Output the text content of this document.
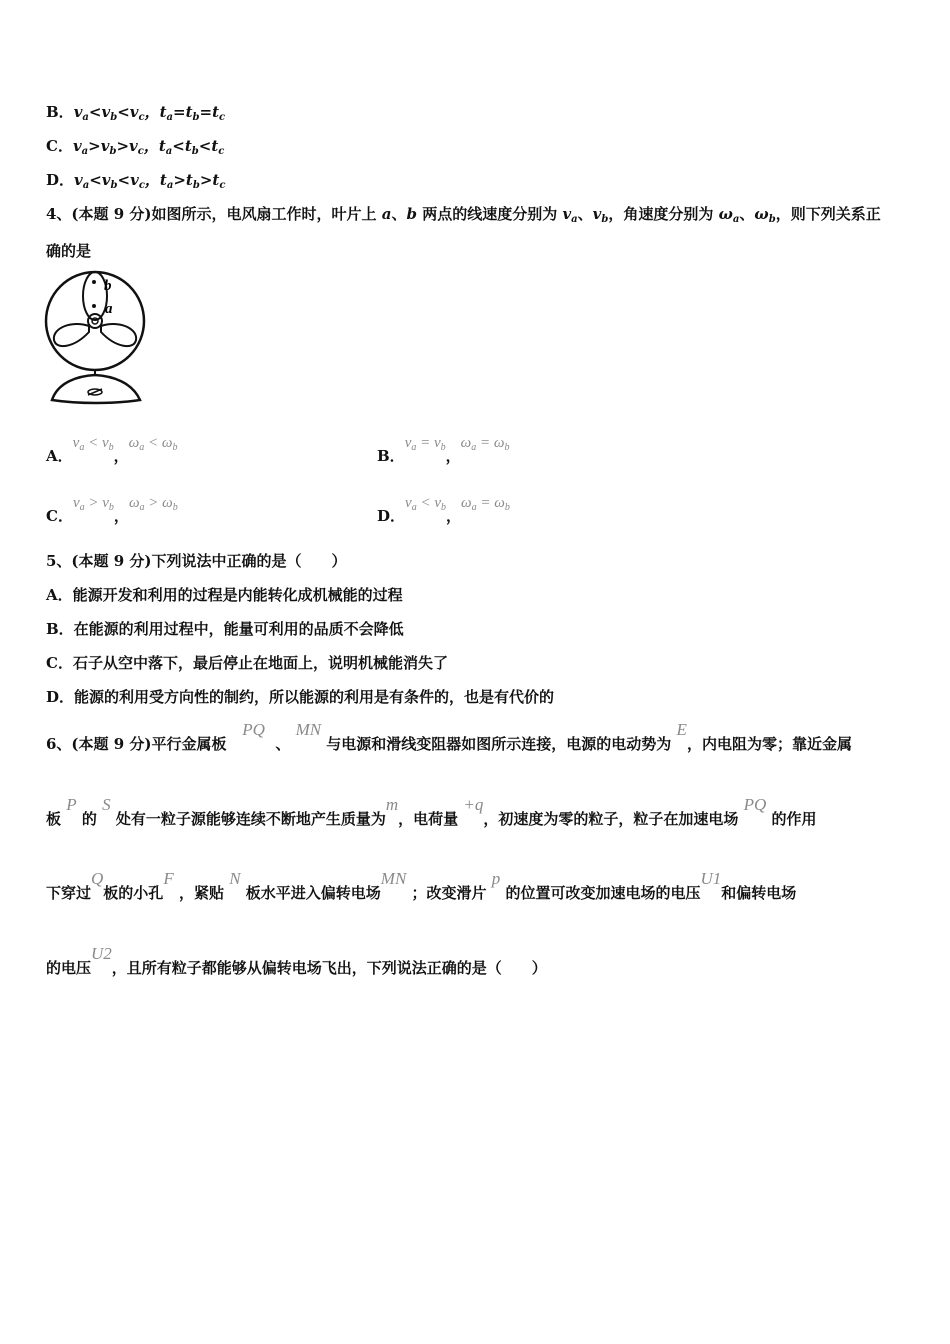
B．$v_a<v_b<v_c$，$t_a=t_b=t_c$
C．$v_a>v_b>v_c$，$t_a<t_b<t_c$
D．$v_a<v_b<v_c$，$t_a>t_b>t_c$
4、(本题 9 分)如图所示，电风扇工作时，叶片上 a、b 两点的线速度分别为 $v_a$、$v_b$，角速度分别为 $\omega_a$、$\omega_b$，则下列关系正
确的是
b
a
A．$v_a < v_b$，$\omega_a < \omega_b$	B．$v_a = v_b$，$\omega_a = \omega_b$
C．$v_a > v_b$，$\omega_a > \omega_b$	D．$v_a < v_b$，$\omega_a = \omega_b$
5、(本题 9 分)下列说法中正确的是（　　）
A．能源开发和利用的过程是内能转化成机械能的过程
B．在能源的利用过程中，能量可利用的品质不会降低
C．石子从空中落下，最后停止在地面上，说明机械能消失了
D．能源的利用受方向性的制约，所以能源的利用是有条件的，也是有代价的
6、(本题 9 分)平行金属板   PQ  、 MN 与电源和滑线变阻器如图所示连接，电源的电动势为 E，内电阻为零；靠近金属
板 P 的 S 处有一粒子源能够连续不断地产生质量为m，电荷量 +q，初速度为零的粒子，粒子在加速电场 PQ 的作用
下穿过Q板的小孔F ，紧贴 N 板水平进入偏转电场MN ；改变滑片 p 的位置可改变加速电场的电压U1和偏转电场
的电压U2，且所有粒子都能够从偏转电场飞出，下列说法正确的是（　　）
